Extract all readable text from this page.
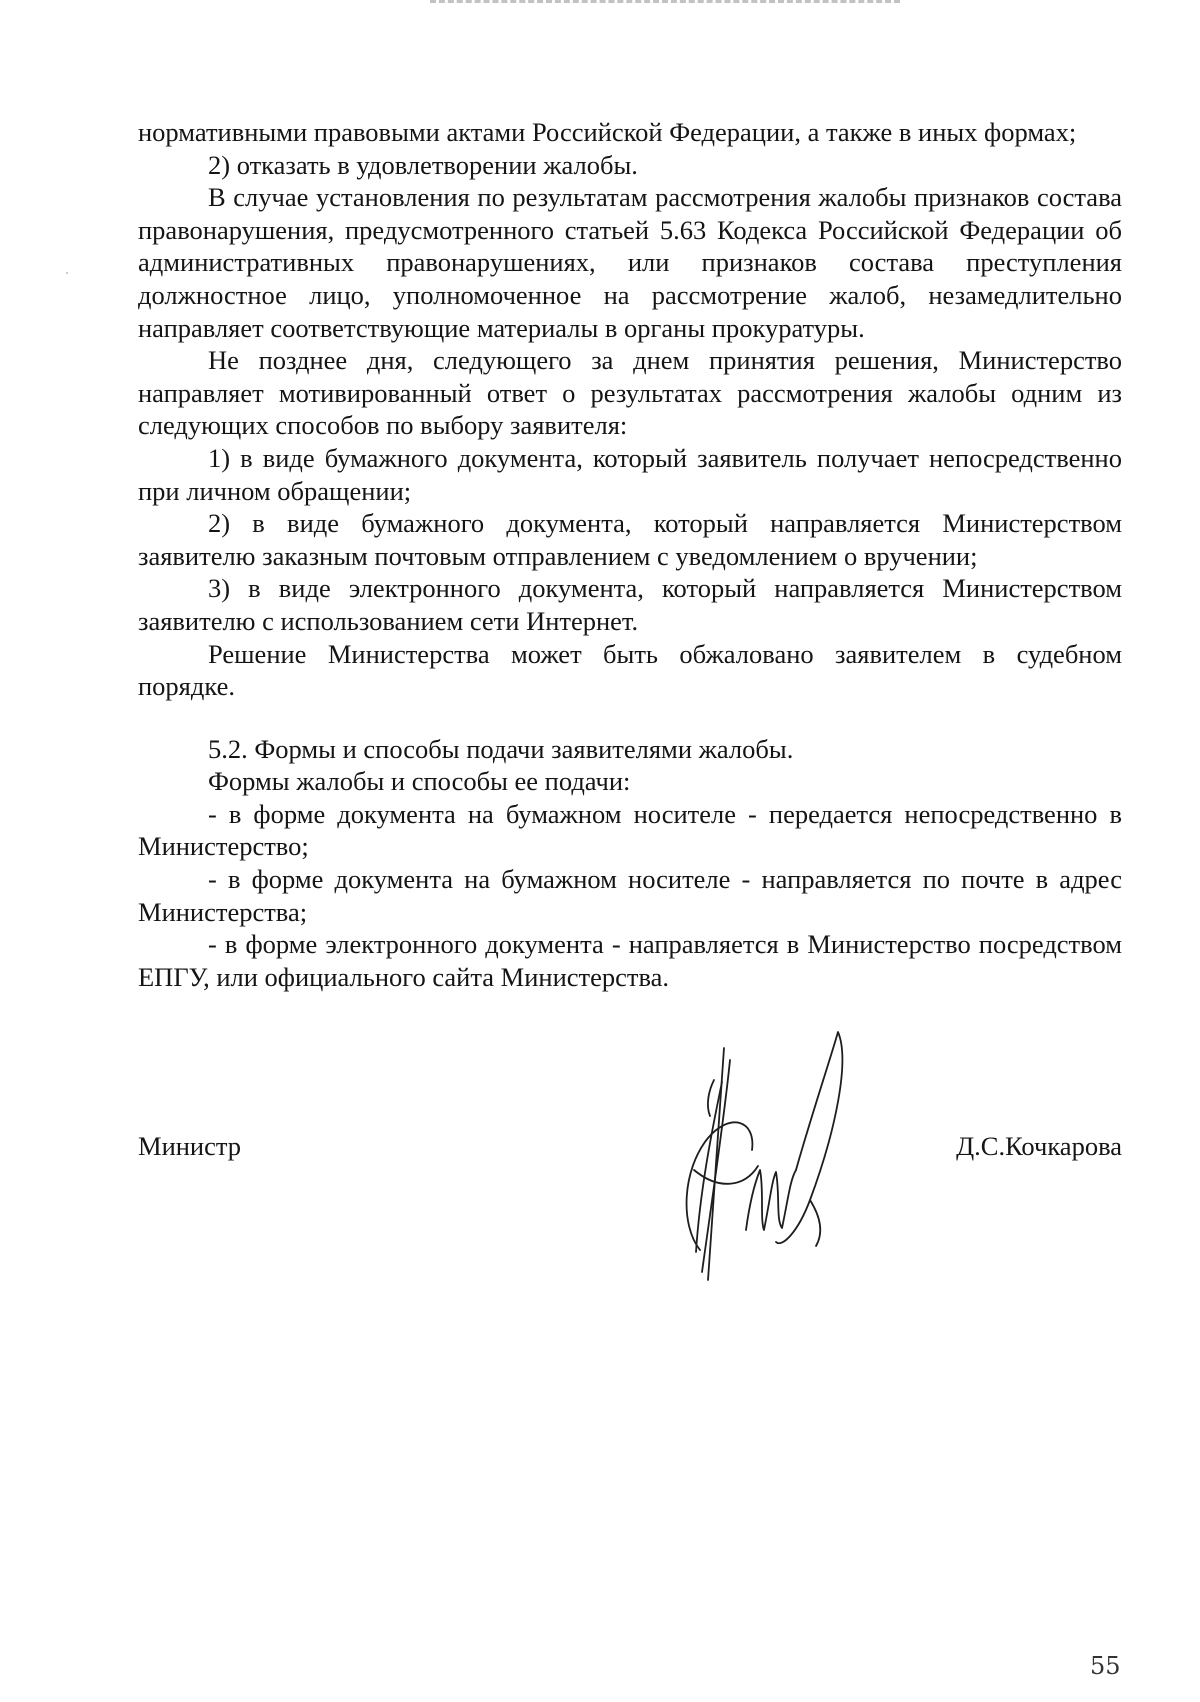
нормативными правовыми актами Российской Федерации, а также в иных формах;

2) отказать в удовлетворении жалобы.

В случае установления по результатам рассмотрения жалобы признаков состава правонарушения, предусмотренного статьей 5.63 Кодекса Российской Федерации об административных правонарушениях, или признаков состава преступления должностное лицо, уполномоченное на рассмотрение жалоб, незамедлительно направляет соответствующие материалы в органы прокуратуры.

Не позднее дня, следующего за днем принятия решения, Министерство направляет мотивированный ответ о результатах рассмотрения жалобы одним из следующих способов по выбору заявителя:

1) в виде бумажного документа, который заявитель получает непосредственно при личном обращении;

2) в виде бумажного документа, который направляется Министерством заявителю заказным почтовым отправлением с уведомлением о вручении;

3) в виде электронного документа, который направляется Министерством заявителю с использованием сети Интернет.

Решение Министерства может быть обжаловано заявителем в судебном порядке.

5.2. Формы и способы подачи заявителями жалобы.

Формы жалобы и способы ее подачи:

- в форме документа на бумажном носителе - передается непосредственно в Министерство;

- в форме документа на бумажном носителе - направляется по почте в адрес Министерства;

- в форме электронного документа - направляется в Министерство посредством ЕПГУ, или официального сайта Министерства.

Министр	Д.С.Кочкарова
55
